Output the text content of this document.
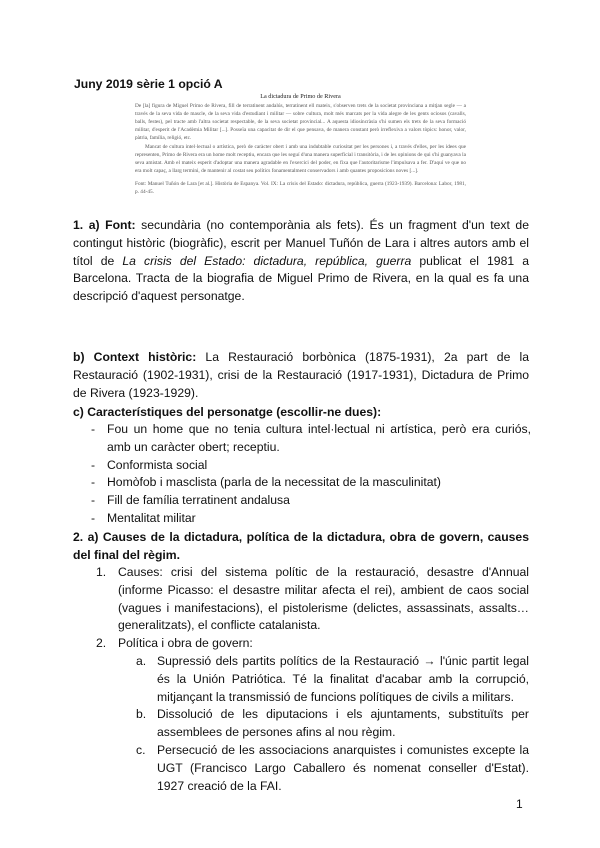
Juny 2019 sèrie 1 opció A
La dictadura de Primo de Rivera

De [la] figura de Miguel Primo de Rivera, fill de terratinent andalús, terratinent ell mateix, s'observen trets de la societat provinciana a mitjan segle — a través de la seva vida de mascle, de la seva vida d'estudiant i militar — sobre cultura, molt més marcats per la vida alegre de les gents ociosos (cavalls, balls, festes), pel tracte amb l'altra societat respectable, de la seva societat provincial... A aquesta idiosincràsia s'hi sumen els trets de la seva formació militar, d'esperit de l'Acadèmia Militar [...]. Posseïa una capacitat de dir el que pensava, de manera constant però irreflexiva a valors tòpics: honor, valor, pàtria, família, religió, etc.

Mancat de cultura intel·lectual o artística, però de caràcter obert i amb una indubtable curiositat per les persones i, a través d'elles, per les idees que representen, Primo de Rivera era un home molt receptiu, encara que les seguí d'una manera superficial i transitòria, i de les opinions de qui s'hi guanyava la seva amistat. Amb el mateix esperit d'adoptar una manera agradable en l'exercici del poder, en fixa que l'autoritarisme l'impulsava a fer. D'aquí ve que no era molt capaç, a llarg termini, de mantenir al costat seu polítics fonamentalment conservadors i amb quantes proposicions noves [...].

Font: Manuel Tuñón de Lara [et al.]. Història de Espanya. Vol. IX: La crisis del Estado: dictadura, república, guerra (1923-1939). Barcelona: Labor, 1981, p. 44-45.

1. a) Font: secundària (no contemporània als fets). És un fragment d'un text de contingut històric (biogràfic), escrit per Manuel Tuñón de Lara i altres autors amb el títol de La crisis del Estado: dictadura, república, guerra publicat el 1981 a Barcelona. Tracta de la biografia de Miguel Primo de Rivera, en la qual es fa una descripció d'aquest personatge.
b) Context històric: La Restauració borbònica (1875-1931), 2a part de la Restauració (1902-1931), crisi de la Restauració (1917-1931), Dictadura de Primo de Rivera (1923-1929).
c) Característiques del personatge (escollir-ne dues):
- Fou un home que no tenia cultura intel·lectual ni artística, però era curiós, amb un caràcter obert; receptiu.
- Conformista social
- Homòfob i masclista (parla de la necessitat de la masculinitat)
- Fill de família terratinent andalusa
- Mentalitat militar
2. a) Causes de la dictadura, política de la dictadura, obra de govern, causes del final del règim.
1. Causes: crisi del sistema polític de la restauració, desastre d'Annual (informe Picasso: el desastre militar afecta el rei), ambient de caos social (vagues i manifestacions), el pistolerisme (delictes, assassinats, assalts… generalitzats), el conflicte catalanista.
2. Política i obra de govern:
a. Supressió dels partits polítics de la Restauració → l'únic partit legal és la Unión Patriótica. Té la finalitat d'acabar amb la corrupció, mitjançant la transmissió de funcions polítiques de civils a militars.
b. Dissolució de les diputacions i els ajuntaments, substituïts per assemblees de persones afins al nou règim.
c. Persecució de les associacions anarquistes i comunistes excepte la UGT (Francisco Largo Caballero és nomenat conseller d'Estat). 1927 creació de la FAI.
1
